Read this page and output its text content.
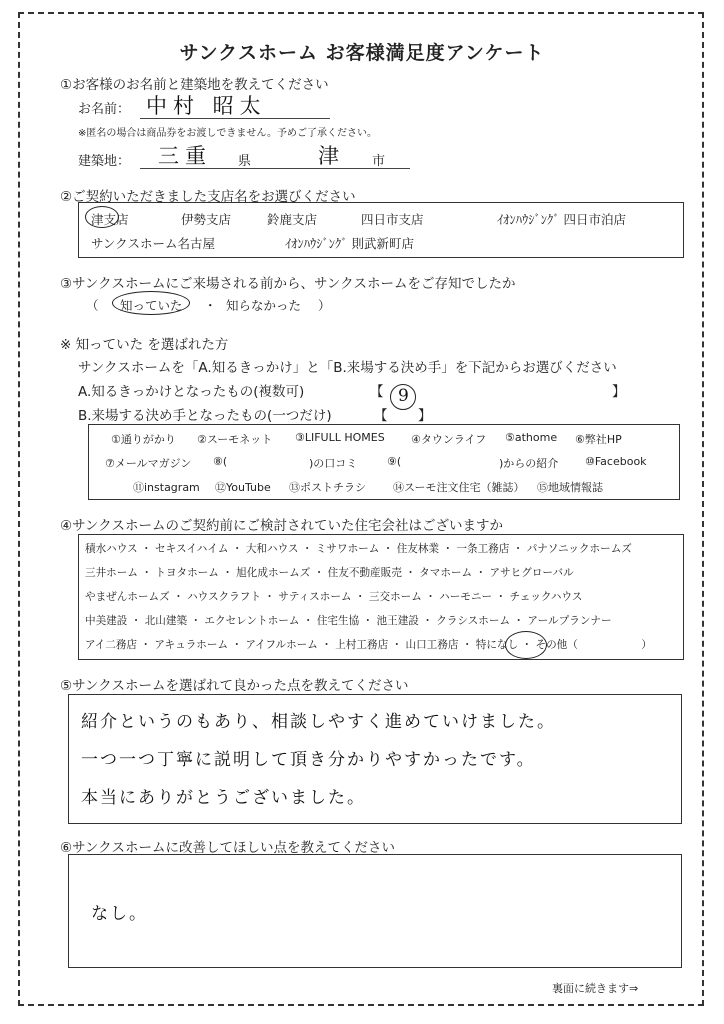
サンクスホーム お客様満足度アンケート
①お客様のお名前と建築地を教えてください
お名前： 中村 昭太
※匿名の場合は商品券をお渡しできません。予めご了承ください。
建築地： 三重 県	津 市
②ご契約いただきました支店名をお選びください
津支店	伊勢支店	鈴鹿支店	四日市支店	ｲｵﾝﾊｳｼﾞﾝｸﾞ 四日市泊店
サンクスホーム名古屋	ｲｵﾝﾊｳｼﾞﾝｸﾞ 則武新町店
③サンクスホームにご来場される前から、サンクスホームをご存知でしたか
（ 知っていた ・ 知らなかった ）
※ 知っていた を選ばれた方
サンクスホームを「A.知るきっかけ」と「B.来場する決め手」を下記からお選びください
A.知るきっかけとなったもの(複数可)	【 9	】
B.来場する決め手となったもの(一つだけ)	【 】
①通りがかり ②スーモネット ③LIFULL HOMES ④タウンライフ ⑤athome ⑥弊社HP
⑦メールマガジン ⑧(	)の口コミ	⑨(	)からの紹介 ⑩Facebook
⑪instagram ⑫YouTube ⑬ポストチラシ ⑭スーモ注文住宅（雑誌） ⑮地域情報誌
④サンクスホームのご契約前にご検討されていた住宅会社はございますか
積水ハウス ・ セキスイハイム ・ 大和ハウス ・ ミサワホーム ・ 住友林業 ・ 一条工務店 ・ パナソニックホームズ
三井ホーム ・ トヨタホーム ・ 旭化成ホームズ ・ 住友不動産販売 ・ タマホーム ・ アサヒグローバル
やまぜんホームズ ・ ハウスクラフト ・ サティスホーム ・ 三交ホーム ・ ハーモニー ・ チェックハウス
中美建設 ・ 北山建築 ・ エクセレントホーム ・ 住宅生協 ・ 池王建設 ・ クラシスホーム ・ アールプランナー
アイ二務店 ・ アキュラホーム ・ アイフルホーム ・ 上村工務店 ・ 山口工務店 ・ 特になし ・ その他（　　　　　　）
⑤サンクスホームを選ばれて良かった点を教えてください
紹介というのもあり、相談しやすく進めていけました。
一つ一つ丁寧に説明して頂き分かりやすかったです。
本当にありがとうございました。
⑥サンクスホームに改善してほしい点を教えてください
なし。
裏面に続きます⇒
